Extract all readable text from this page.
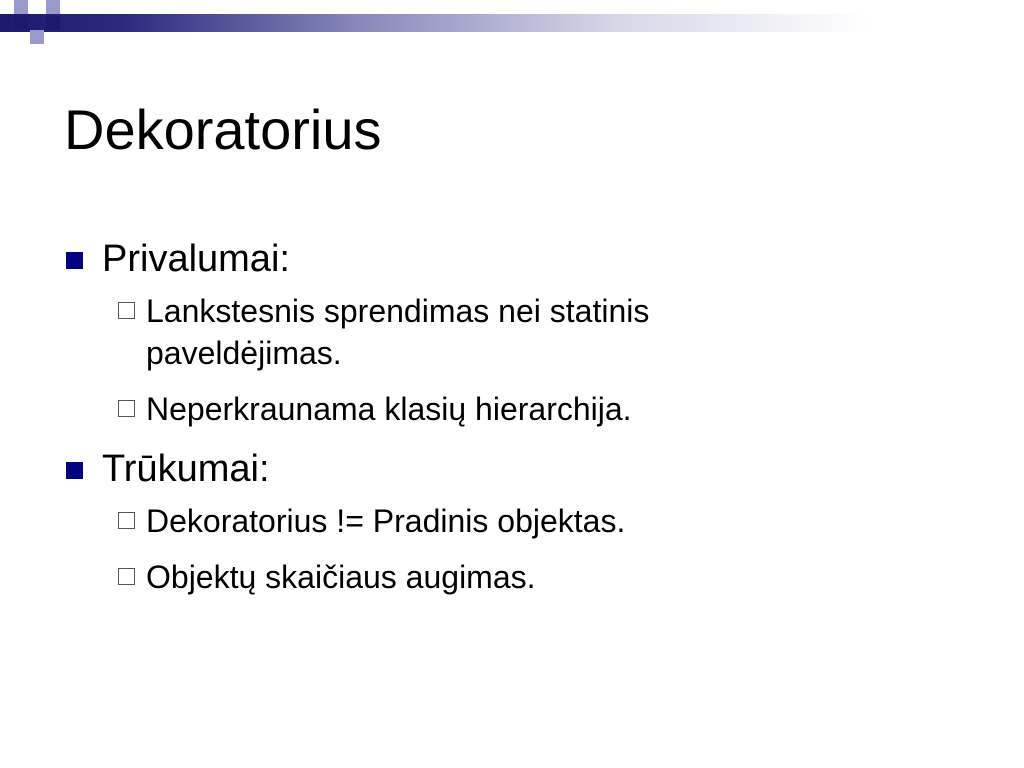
Dekoratorius
Privalumai:
Lankstesnis sprendimas nei statinis paveldėjimas.
Neperkraunama klasių hierarchija.
Trūkumai:
Dekoratorius != Pradinis objektas.
Objektų skaičiaus augimas.
